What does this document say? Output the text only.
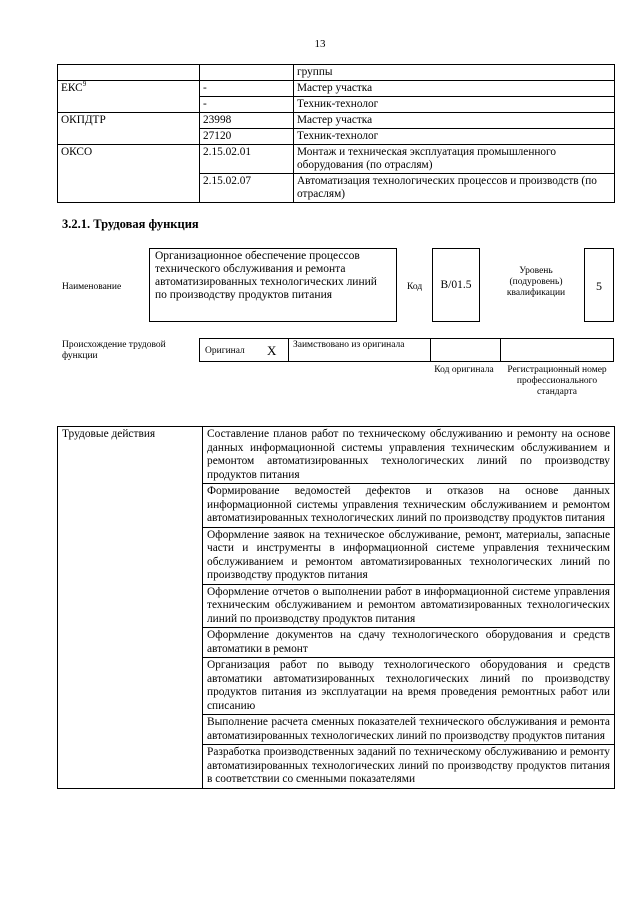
13
		группы
ЕКС$^9$	-	Мастер участка
	-	Техник-технолог
ОКПДТР	23998	Мастер участка
	27120	Техник-технолог
ОКСО	2.15.02.01	Монтаж и техническая эксплуатация промышленного оборудования (по отраслям)
	2.15.02.07	Автоматизация технологических процессов и производств (по отраслям)
3.2.1. Трудовая функция
Наименование
Организационное обеспечение процессов технического обслуживания и ремонта автоматизированных технологических линий по производству продуктов питания
Код	В/01.5
Уровень (подуровень) квалификации	5
Происхождение трудовой функции	Оригинал X Заимствовано из оригинала
Код оригинала Регистрационный номер профессионального стандарта
Трудовые действия	Составление планов работ по техническому обслуживанию и ремонту на основе данных информационной системы управления техническим обслуживанием и ремонтом автоматизированных технологических линий по производству продуктов питания
Формирование ведомостей дефектов и отказов на основе данных информационной системы управления техническим обслуживанием и ремонтом автоматизированных технологических линий по производству продуктов питания
Оформление заявок на техническое обслуживание, ремонт, материалы, запасные части и инструменты в информационной системе управления техническим обслуживанием и ремонтом автоматизированных технологических линий по производству продуктов питания
Оформление отчетов о выполнении работ в информационной системе управления техническим обслуживанием и ремонтом автоматизированных технологических линий по производству продуктов питания
Оформление документов на сдачу технологического оборудования и средств автоматики в ремонт
Организация работ по выводу технологического оборудования и средств автоматики автоматизированных технологических линий по производству продуктов питания из эксплуатации на время проведения ремонтных работ или списанию
Выполнение расчета сменных показателей технического обслуживания и ремонта автоматизированных технологических линий по производству продуктов питания
Разработка производственных заданий по техническому обслуживанию и ремонту автоматизированных технологических линий по производству продуктов питания в соответствии со сменными показателями
